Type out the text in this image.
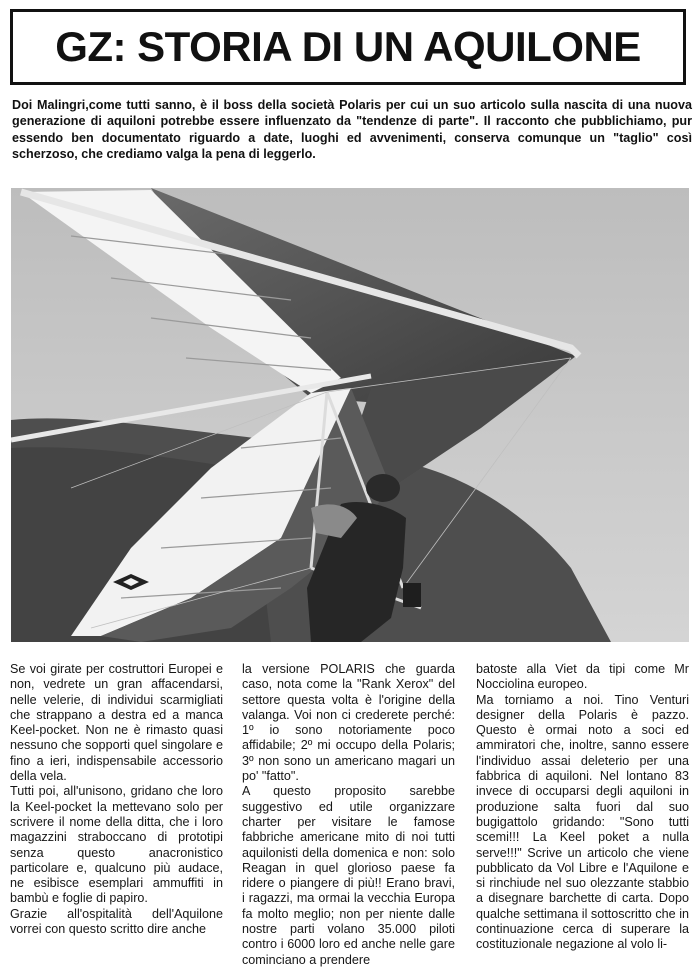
GZ: STORIA DI UN AQUILONE

Doi Malingri,come tutti sanno, è il boss della società Polaris per cui un suo articolo sulla nascita di una nuova generazione di aquiloni potrebbe essere influenzato da "tendenze di parte". Il racconto che pubblichiamo, pur essendo ben documentato riguardo a date, luoghi ed avvenimenti, conserva comunque un "taglio" così scherzoso, che crediamo valga la pena di leggerlo.

Se voi girate per costruttori Europei e non, vedrete un gran affacendarsi, nelle velerie, di individui scarmigliati che strappano a destra ed a manca Keel-pocket. Non ne è rimasto quasi nessuno che sopporti quel singolare e fino a ieri, indispensabile accessorio della vela.

Tutti poi, all'unisono, gridano che loro la Keel-pocket la mettevano solo per scrivere il nome della ditta, che i loro magazzini straboccano di prototipi senza questo anacronistico particolare e, qualcuno più audace, ne esibisce esemplari ammuffiti in bambù e foglie di papiro.

Grazie all'ospitalità dell'Aquilone vorrei con questo scritto dire anche

la versione POLARIS che guarda caso, nota come la "Rank Xerox" del settore questa volta è l'origine della valanga. Voi non ci crederete perché: 1º io sono notoriamente poco affidabile; 2º mi occupo della Polaris; 3º non sono un americano magari un po' "fatto".

A questo proposito sarebbe suggestivo ed utile organizzare charter per visitare le famose fabbriche americane mito di noi tutti aquilonisti della domenica e non: solo Reagan in quel glorioso paese fa ridere o piangere di più!! Erano bravi, i ragazzi, ma ormai la vecchia Europa fa molto meglio; non per niente dalle nostre parti volano 35.000 piloti contro i 6000 loro ed anche nelle gare cominciano a prendere

batoste alla Viet da tipi come Mr Nocciolina europeo.

Ma torniamo a noi. Tino Venturi designer della Polaris è pazzo. Questo è ormai noto a soci ed ammiratori che, inoltre, sanno essere l'individuo assai deleterio per una fabbrica di aquiloni. Nel lontano 83 invece di occuparsi degli aquiloni in produzione salta fuori dal suo bugigattolo gridando: "Sono tutti scemi!!! La Keel poket a nulla serve!!!" Scrive un articolo che viene pubblicato da Vol Libre e l'Aquilone e si rinchiude nel suo olezzante stabbio a disegnare barchette di carta. Dopo qualche settimana il sottoscritto che in continuazione cerca di superare la costituzionale negazione al volo li-
